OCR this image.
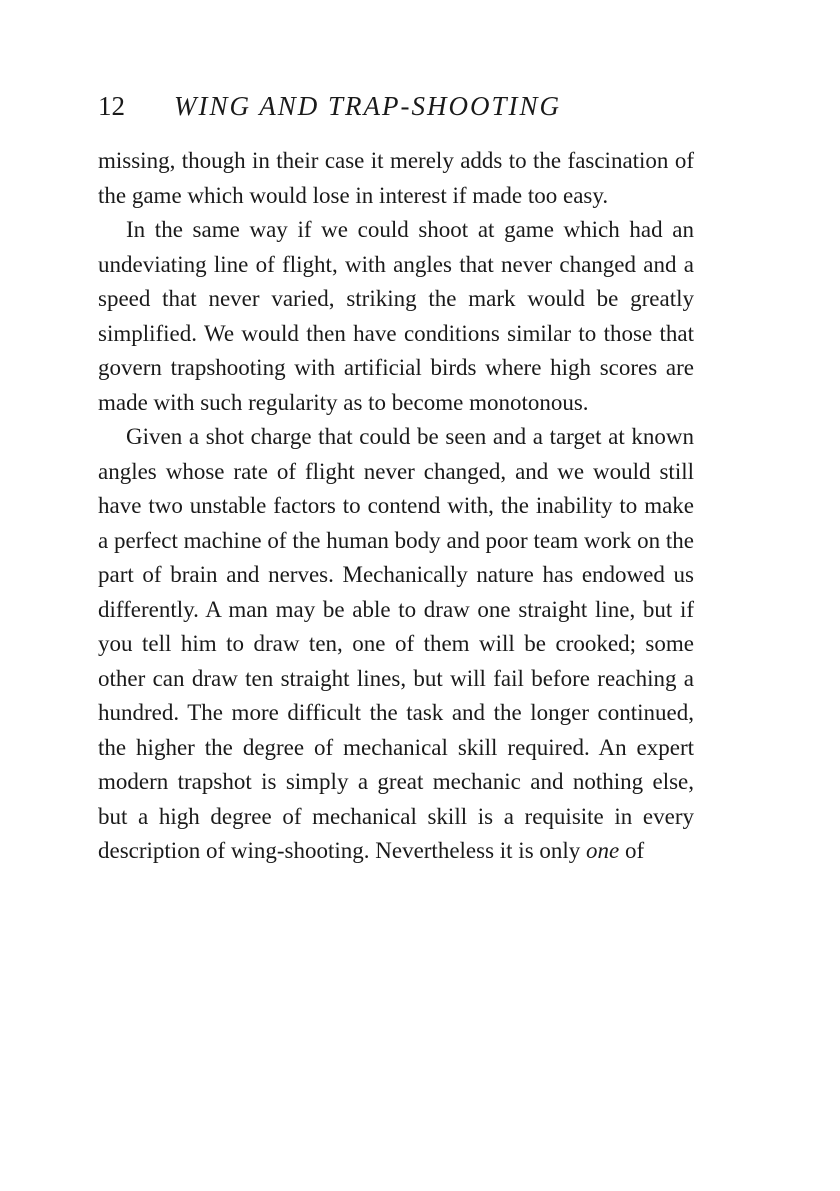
12 WING AND TRAP-SHOOTING

missing, though in their case it merely adds to the fascination of the game which would lose in interest if made too easy.

In the same way if we could shoot at game which had an undeviating line of flight, with angles that never changed and a speed that never varied, striking the mark would be greatly simplified. We would then have conditions similar to those that govern trapshooting with artificial birds where high scores are made with such regularity as to become monotonous.

Given a shot charge that could be seen and a target at known angles whose rate of flight never changed, and we would still have two unstable factors to contend with, the inability to make a perfect machine of the human body and poor team work on the part of brain and nerves. Mechanically nature has endowed us differently. A man may be able to draw one straight line, but if you tell him to draw ten, one of them will be crooked; some other can draw ten straight lines, but will fail before reaching a hundred. The more difficult the task and the longer continued, the higher the degree of mechanical skill required. An expert modern trapshot is simply a great mechanic and nothing else, but a high degree of mechanical skill is a requisite in every description of wing-shooting. Nevertheless it is only one of
